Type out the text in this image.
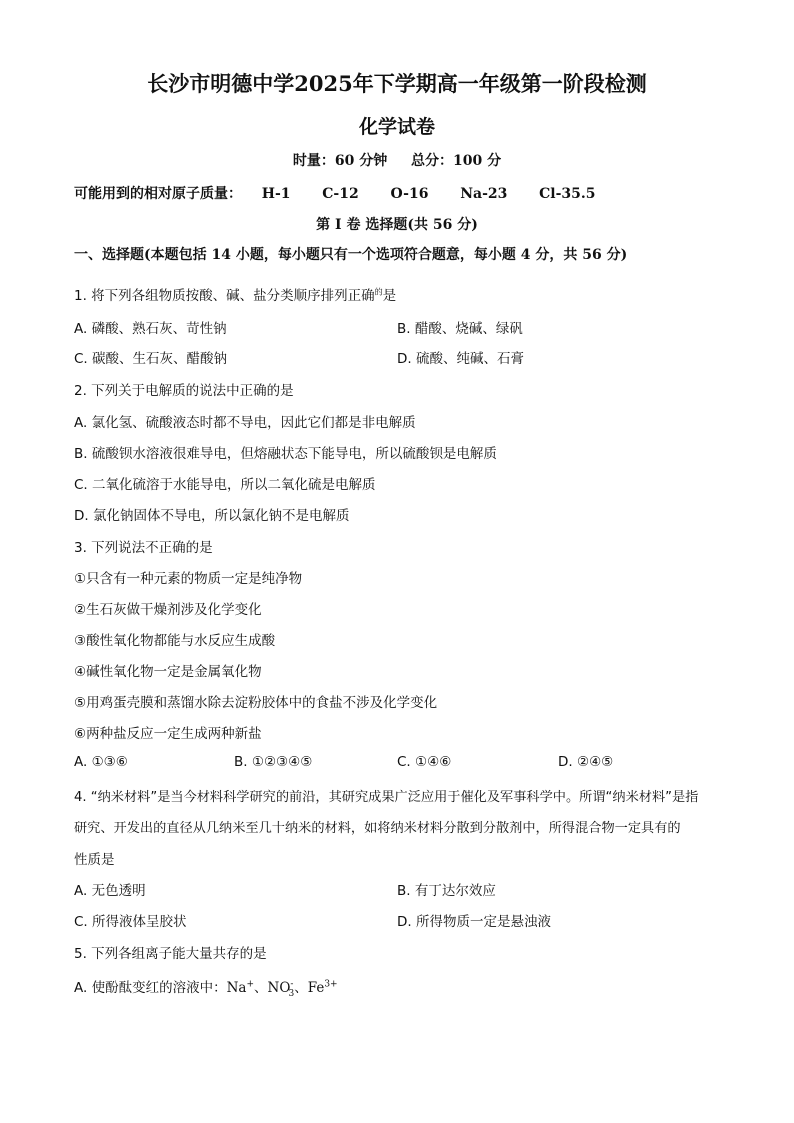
长沙市明德中学2025年下学期高一年级第一阶段检测
化学试卷
时量：60 分钟 总分：100 分
可能用到的相对原子质量： H-1 C-12 O-16 Na-23 Cl-35.5
第 I 卷 选择题(共 56 分)
一、选择题(本题包括 14 小题，每小题只有一个选项符合题意，每小题 4 分，共 56 分)
1. 将下列各组物质按酸、碱、盐分类顺序排列正确$^的$是
A. 磷酸、熟石灰、苛性钠	B. 醋酸、烧碱、绿矾
C. 碳酸、生石灰、醋酸钠	D. 硫酸、纯碱、石膏
2. 下列关于电解质的说法中正确的是
A. 氯化氢、硫酸液态时都不导电，因此它们都是非电解质
B. 硫酸钡水溶液很难导电，但熔融状态下能导电，所以硫酸钡是电解质
C. 二氧化硫溶于水能导电，所以二氧化硫是电解质
D. 氯化钠固体不导电，所以氯化钠不是电解质
3. 下列说法不正确的是
①只含有一种元素的物质一定是纯净物
②生石灰做干燥剂涉及化学变化
③酸性氧化物都能与水反应生成酸
④碱性氧化物一定是金属氧化物
⑤用鸡蛋壳膜和蒸馏水除去淀粉胶体中的食盐不涉及化学变化
⑥两种盐反应一定生成两种新盐
A. ①③⑥	B. ①②③④⑤	C. ①④⑥	D. ②④⑤
4. “纳米材料”是当今材料科学研究的前沿，其研究成果广泛应用于催化及军事科学中。所谓“纳米材料”是指
研究、开发出的直径从几纳米至几十纳米的材料，如将纳米材料分散到分散剂中，所得混合物一定具有的
性质是
A. 无色透明	B. 有丁达尔效应
C. 所得液体呈胶状	D. 所得物质一定是悬浊液
5. 下列各组离子能大量共存的是
A. 使酚酞变红的溶液中：Na+、$NO^-_3$、$Fe^{3+}$
